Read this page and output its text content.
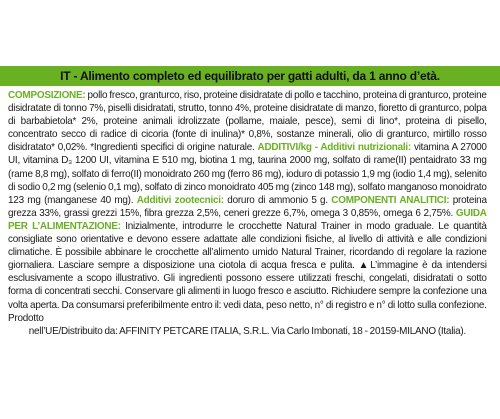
IT - Alimento completo ed equilibrato per gatti adulti, da 1 anno d’età.

COMPOSIZIONE: pollo fresco, granturco, riso, proteine disidratate di pollo e tacchino, proteina di granturco, proteine disidratate di tonno 7%, piselli disidratati, strutto, tonno 4%, proteine disidratate di manzo, fioretto di granturco, polpa di barbabietola* 2%, proteine animali idrolizzate (pollame, maiale, pesce), semi di lino*, proteina di pisello, concentrato secco di radice di cicoria (fonte di inulina)* 0,8%, sostanze minerali, olio di granturco, mirtillo rosso disidratato* 0,02%. *Ingredienti specifici di origine naturale. ADDITIVI/kg - Additivi nutrizionali: vitamina A 27000 UI, vitamina D₃ 1200 UI, vitamina E 510 mg, biotina 1 mg, taurina 2000 mg, solfato di rame(II) pentaidrato 33 mg (rame 8,8 mg), solfato di ferro(II) monoidrato 260 mg (ferro 86 mg), ioduro di potassio 1,9 mg (iodio 1,4 mg), selenito di sodio 0,2 mg (selenio 0,1 mg), solfato di zinco monoidrato 405 mg (zinco 148 mg), solfato manganoso monoidrato 123 mg (manganese 40 mg). Additivi zootecnici: doruro di ammonio 5 g. COMPONENTI ANALITICI: proteina grezza 33%, grassi grezzi 15%, fibra grezza 2,5%, ceneri grezze 6,7%, omega 3 0,85%, omega 6 2,75%. GUIDA PER L’ALIMENTAZIONE: Inizialmente, introdurre le crocchette Natural Trainer in modo graduale. Le quantità consigliate sono orientative e devono essere adattate alle condizioni fisiche, al livello di attività e alle condizioni climatiche. È possibile abbinare le crocchette all’alimento umido Natural Trainer, ricordando di regolare la razione giornaliera. Lasciare sempre a disposizione una ciotola di acqua fresca e pulita. ▲L’immagine è da intendersi esclusivamente a scopo illustrativo. Gli ingredienti possono essere utilizzati freschi, congelati, disidratati o sotto forma di concentrati secchi. Conservare gli alimenti in luogo fresco e asciutto. Richiudere sempre la confezione una volta aperta. Da consumarsi preferibilmente entro il: vedi data, peso netto, n° di registro e n° di lotto sulla confezione. Prodotto
nell’UE/Distribuito da: AFFINITY PETCARE ITALIA, S.R.L. Via Carlo Imbonati, 18 - 20159-MILANO (Italia).
